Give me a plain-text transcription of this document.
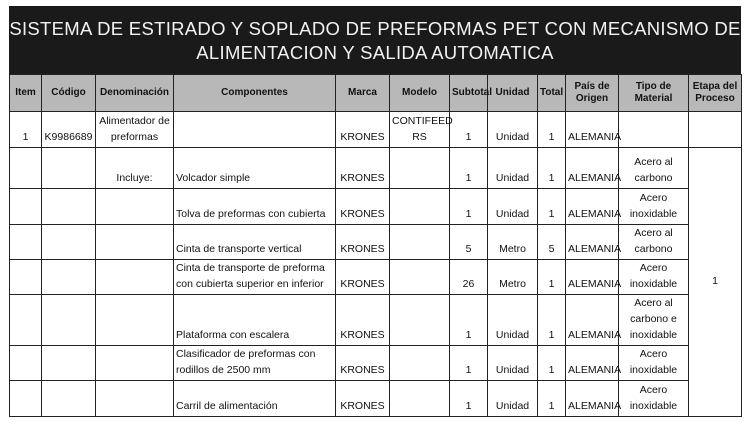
SISTEMA DE ESTIRADO Y SOPLADO DE PREFORMAS PET CON MECANISMO DE
ALIMENTACION Y SALIDA AUTOMATICA
Item	Código	Denominación	Componentes	Marca	Modelo	Subtotal	Unidad	Total	País de Origen	Tipo de Material	Etapa del Proceso
1	K9986689	Alimentador de preformas		KRONES	CONTIFEED RS	1	Unidad	1	ALEMANIA		
		Incluye:	Volcador simple	KRONES		1	Unidad	1	ALEMANIA	Acero al carbono	1
			Tolva de preformas con cubierta	KRONES		1	Unidad	1	ALEMANIA	Acero inoxidable	
			Cinta de transporte vertical	KRONES		5	Metro	5	ALEMANIA	Acero al carbono	
			Cinta de transporte de preforma con cubierta superior en inferior	KRONES		26	Metro	1	ALEMANIA	Acero inoxidable	
			Plataforma con escalera	KRONES		1	Unidad	1	ALEMANIA	Acero al carbono e inoxidable	
			Clasificador de preformas con rodillos de 2500 mm	KRONES		1	Unidad	1	ALEMANIA	Acero inoxidable	
			Carril de alimentación	KRONES		1	Unidad	1	ALEMANIA	Acero inoxidable	
